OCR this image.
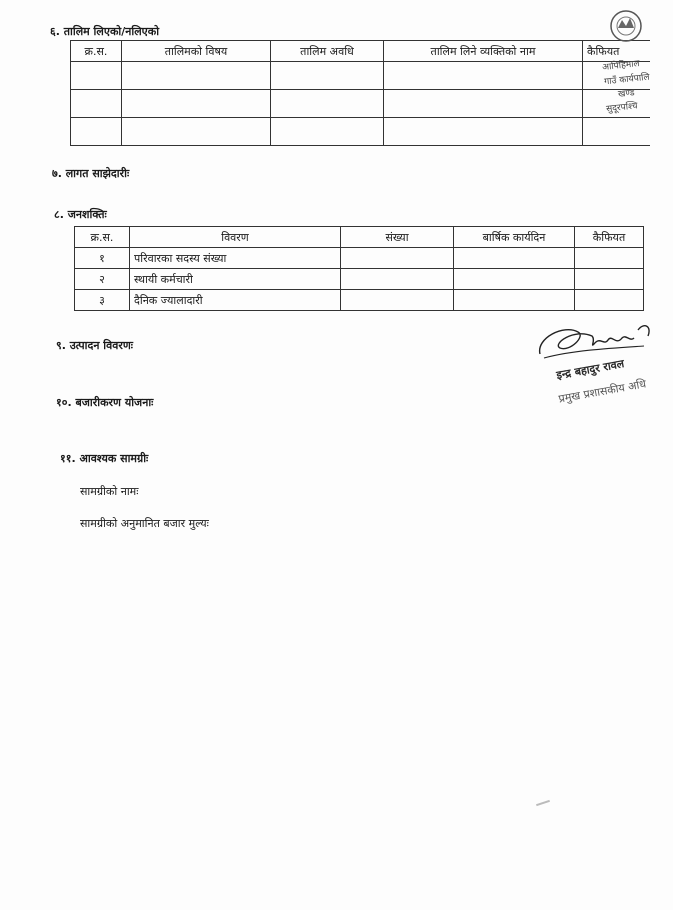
६. तालिम लिएको/नलिएको
क्र.स.	तालिमको विषय	तालिम अवधि	तालिम लिने व्यक्तिको नाम	कैफियत

आपिहिमाल
गाउँ कार्यपालि
खण्ड
सुदूरपश्चि
७. लागत साझेदारीः
८. जनशक्तिः
क्र.स.	विवरण	संख्या	बार्षिक कार्यदिन	कैफियत
१	परिवारका सदस्य संख्या			
२	स्थायी कर्मचारी			
३	दैनिक ज्यालादारी			
इन्द्र बहादुर रावल
प्रमुख प्रशासकीय अधि
९. उत्पादन विवरणः
१०. बजारीकरण योजनाः
११. आवश्यक सामग्रीः
सामग्रीको नामः
सामग्रीको अनुमानित बजार मुल्यः
